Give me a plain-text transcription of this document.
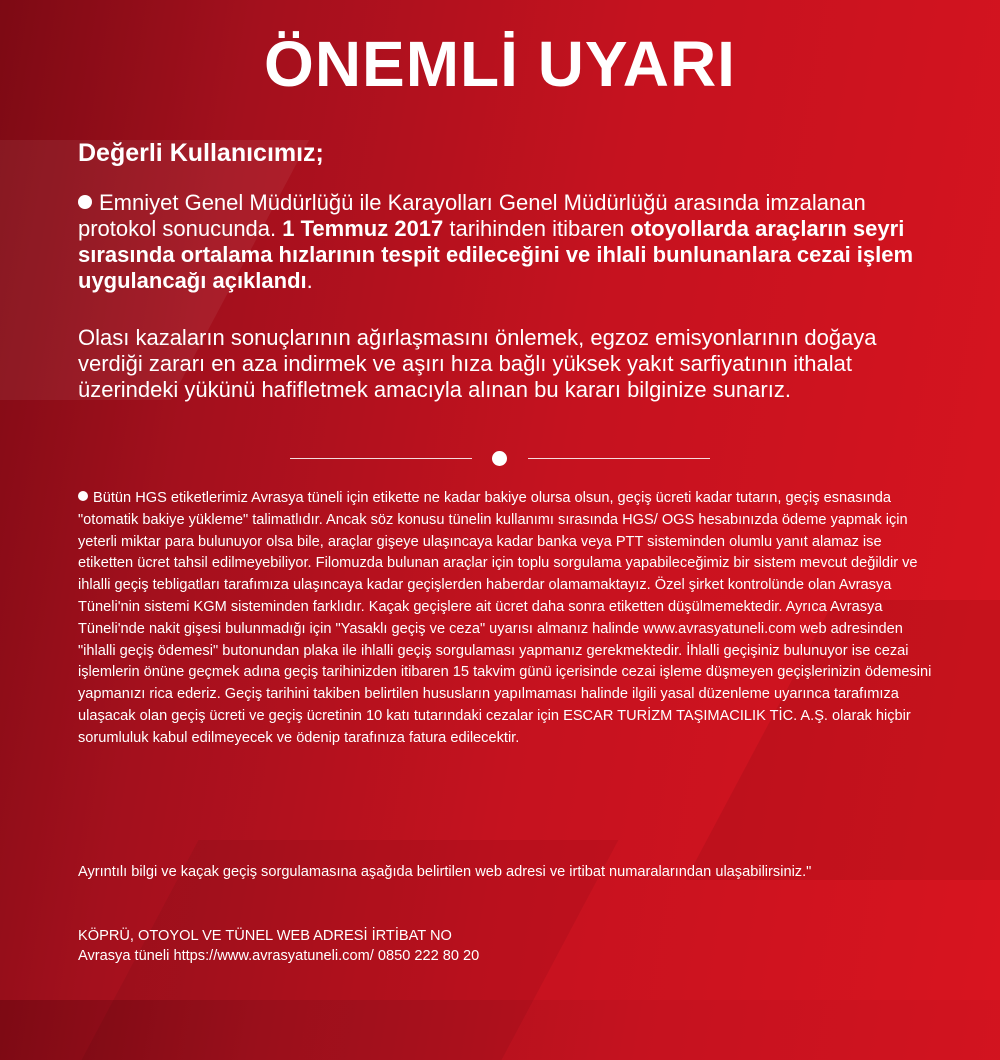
ÖNEMLİ UYARI
Değerli Kullanıcımız;
Emniyet Genel Müdürlüğü ile Karayolları Genel Müdürlüğü arasında imzalanan protokol sonucunda. 1 Temmuz 2017 tarihinden itibaren otoyollarda araçların seyri sırasında ortalama hızlarının tespit edileceğini ve ihlali bunlunanlara cezai işlem uygulancağı açıklandı.
Olası kazaların sonuçlarının ağırlaşmasını önlemek, egzoz emisyonlarının doğaya verdiği zararı en aza indirmek ve aşırı hıza bağlı yüksek yakıt sarfiyatının ithalat üzerindeki yükünü hafifletmek amacıyla alınan bu kararı bilginize sunarız.
Bütün HGS etiketlerimiz Avrasya tüneli için etikette ne kadar bakiye olursa olsun, geçiş ücreti kadar tutarın, geçiş esnasında "otomatik bakiye yükleme" talimatlıdır. Ancak söz konusu tünelin kullanımı sırasında HGS/ OGS hesabınızda ödeme yapmak için yeterli miktar para bulunuyor olsa bile, araçlar gişeye ulaşıncaya kadar banka veya PTT sisteminden olumlu yanıt alamaz ise etiketten ücret tahsil edilmeyebiliyor. Filomuzda bulunan araçlar için toplu sorgulama yapabileceğimiz bir sistem mevcut değildir ve ihlalli geçiş tebligatları tarafımıza ulaşıncaya kadar geçişlerden haberdar olamamaktayız. Özel şirket kontrolünde olan Avrasya Tüneli'nin sistemi KGM sisteminden farklıdır. Kaçak geçişlere ait ücret daha sonra etiketten düşülmemektedir. Ayrıca Avrasya Tüneli'nde nakit gişesi bulunmadığı için "Yasaklı geçiş ve ceza" uyarısı almanız halinde www.avrasyatuneli.com web adresinden "ihlalli geçiş ödemesi" butonundan plaka ile ihlalli geçiş sorgulaması yapmanız gerekmektedir. İhlalli geçişiniz bulunuyor ise cezai işlemlerin önüne geçmek adına geçiş tarihinizden itibaren 15 takvim günü içerisinde cezai işleme düşmeyen geçişlerinizin ödemesini yapmanızı rica ederiz. Geçiş tarihini takiben belirtilen hususların yapılmaması halinde ilgili yasal düzenleme uyarınca tarafımıza ulaşacak olan geçiş ücreti ve geçiş ücretinin 10 katı tutarındaki cezalar için ESCAR TURİZM TAŞIMACILIK TİC. A.Ş. olarak hiçbir sorumluluk kabul edilmeyecek ve ödenip tarafınıza fatura edilecektir.
Ayrıntılı bilgi ve kaçak geçiş sorgulamasına aşağıda belirtilen web adresi ve irtibat numaralarından ulaşabilirsiniz."
KÖPRÜ, OTOYOL VE TÜNEL WEB ADRESİ İRTİBAT NO
Avrasya tüneli https://www.avrasyatuneli.com/ 0850 222 80 20
